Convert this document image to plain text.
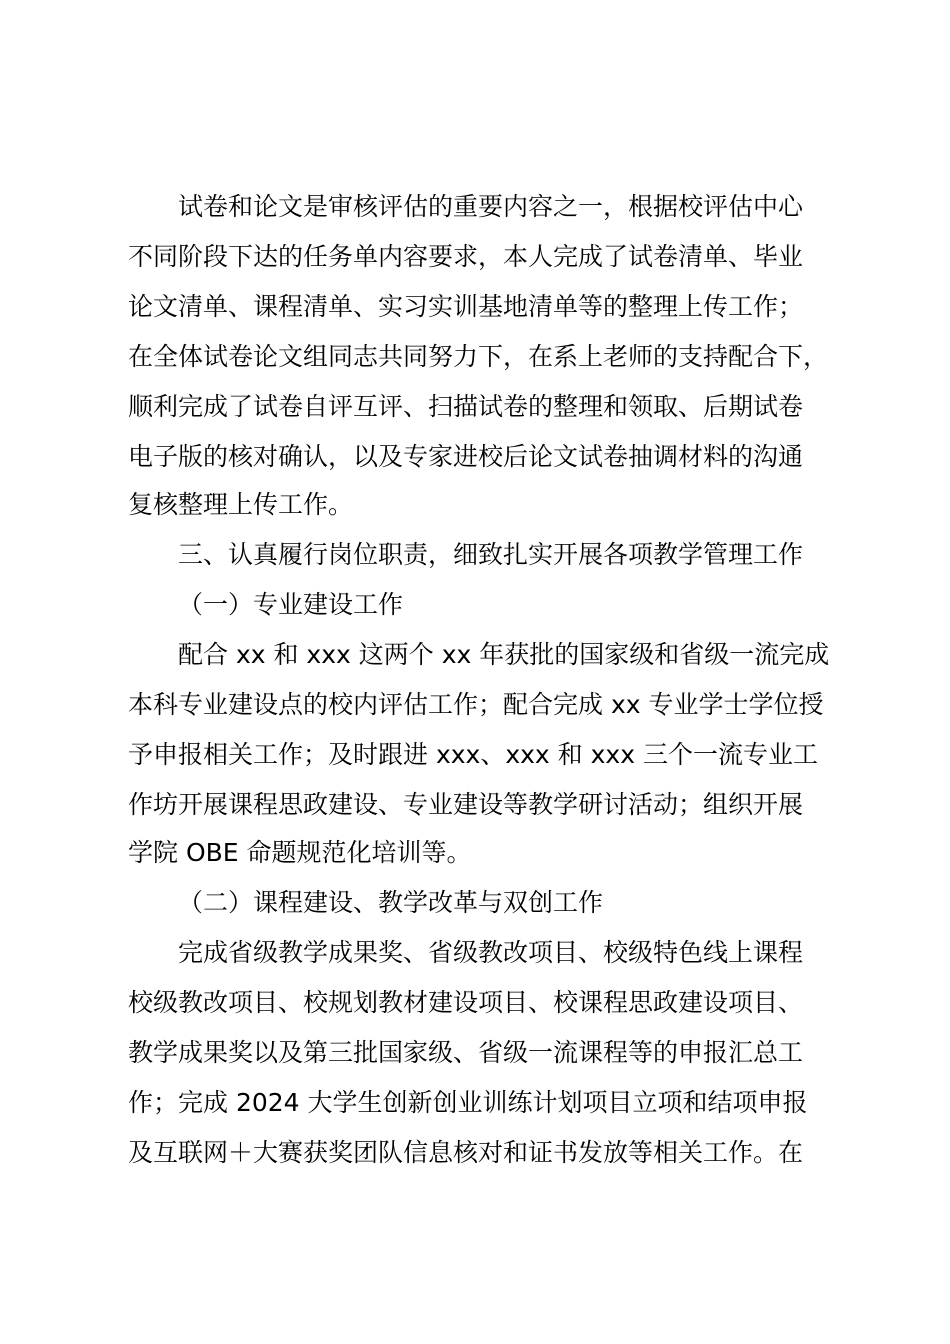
试卷和论文是审核评估的重要内容之一，根据校评估中心
不同阶段下达的任务单内容要求，本人完成了试卷清单、毕业
论文清单、课程清单、实习实训基地清单等的整理上传工作；
在全体试卷论文组同志共同努力下，在系上老师的支持配合下，
顺利完成了试卷自评互评、扫描试卷的整理和领取、后期试卷
电子版的核对确认，以及专家进校后论文试卷抽调材料的沟通
复核整理上传工作。
三、认真履行岗位职责，细致扎实开展各项教学管理工作
（一）专业建设工作
配合 xx 和 xxx 这两个 xx 年获批的国家级和省级一流完成
本科专业建设点的校内评估工作；配合完成 xx 专业学士学位授
予申报相关工作；及时跟进 xxx、xxx 和 xxx 三个一流专业工
作坊开展课程思政建设、专业建设等教学研讨活动；组织开展
学院 OBE 命题规范化培训等。
（二）课程建设、教学改革与双创工作
完成省级教学成果奖、省级教改项目、校级特色线上课程
校级教改项目、校规划教材建设项目、校课程思政建设项目、
教学成果奖以及第三批国家级、省级一流课程等的申报汇总工
作；完成 2024 大学生创新创业训练计划项目立项和结项申报
及互联网＋大赛获奖团队信息核对和证书发放等相关工作。在
